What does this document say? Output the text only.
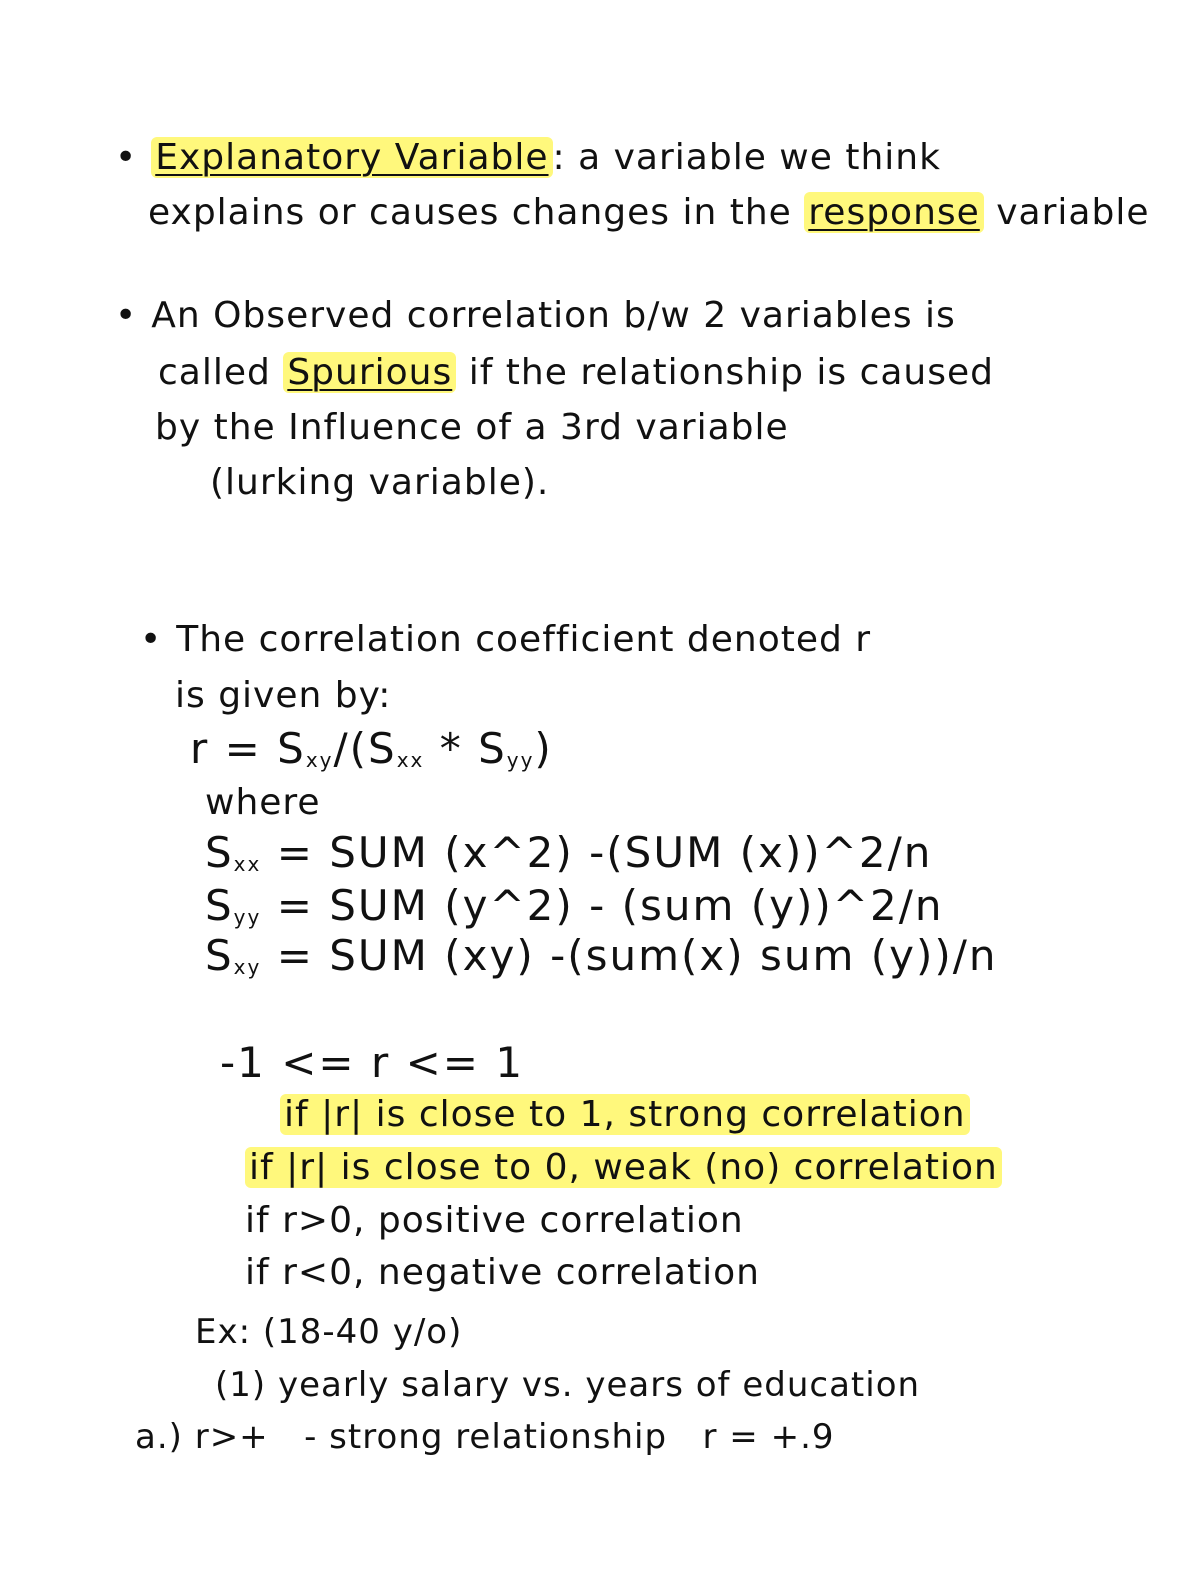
• Explanatory Variable : a variable we think
explains or causes changes in the response variable
• An Observed correlation b/w 2 variables is
called Spurious if the relationship is caused
by the Influence of a 3rd variable
(lurking variable).
• The correlation coefficient denoted r
is given by:
$r = S_{xy}/(S_{xx} * S_{yy})$
where
$S_{xx}$ = SUM (x^2) -(SUM (x))^2/n
$S_{yy}$ = SUM (y^2) - (sum (y))^2/n
$S_{xy}$ = SUM (xy) -(sum(x) sum (y))/n
-1 <= r <= 1
if |r| is close to 1, strong correlation
if |r| is close to 0, weak (no) correlation
if r>0, positive correlation
if r<0, negative correlation
Ex: (18-40 y/o)
(1) yearly salary vs. years of education
a.) r>+ - strong relationship r = +.9
